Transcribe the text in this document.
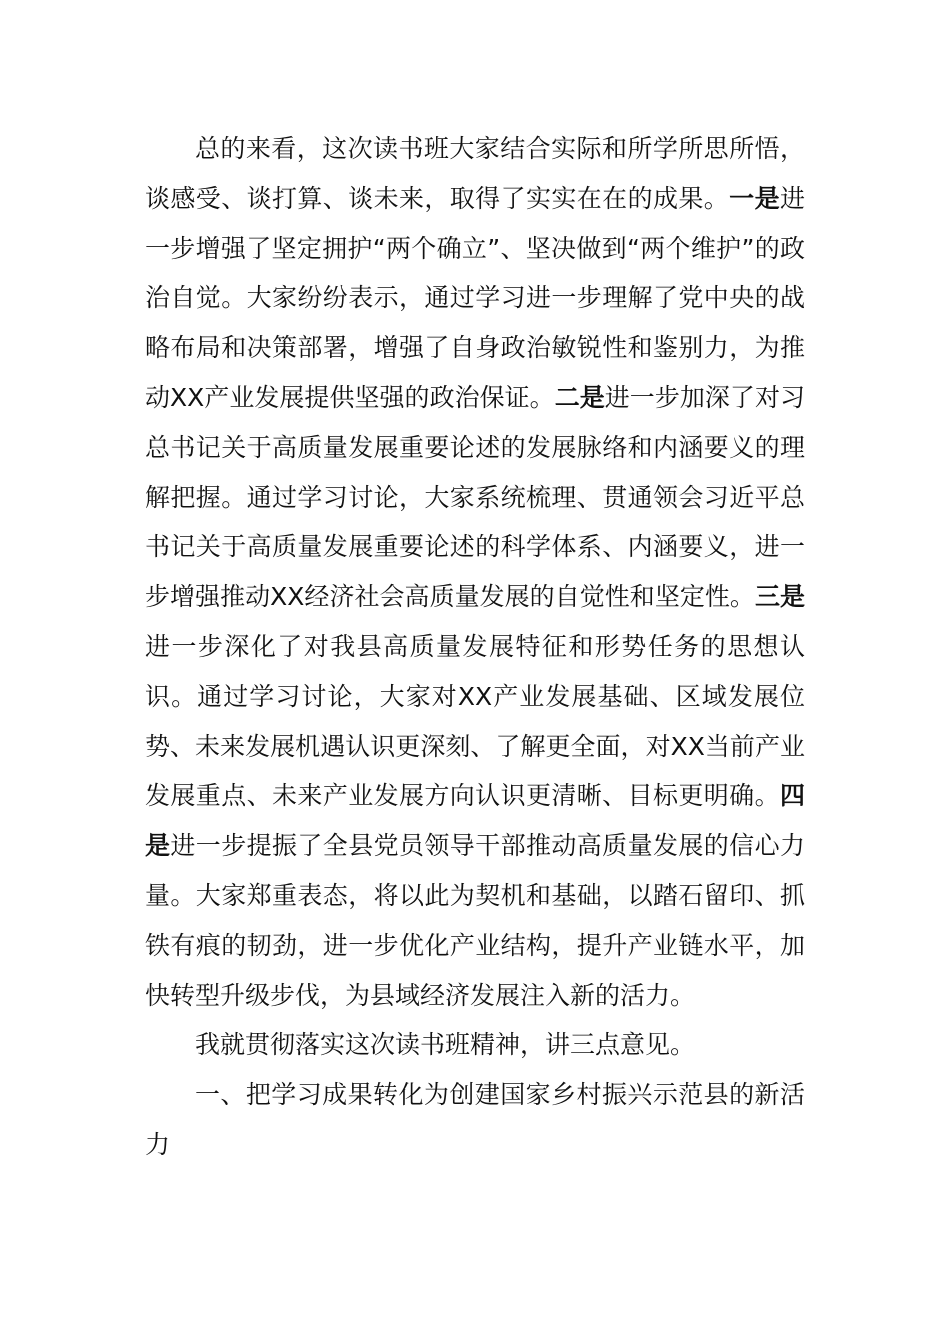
总的来看，这次读书班大家结合实际和所学所思所悟，谈感受、谈打算、谈未来，取得了实实在在的成果。一是进一步增强了坚定拥护“两个确立”、坚决做到“两个维护”的政治自觉。大家纷纷表示，通过学习进一步理解了党中央的战略布局和决策部署，增强了自身政治敏锐性和鉴别力，为推动XX产业发展提供坚强的政治保证。二是进一步加深了对习总书记关于高质量发展重要论述的发展脉络和内涵要义的理解把握。通过学习讨论，大家系统梳理、贯通领会习近平总书记关于高质量发展重要论述的科学体系、内涵要义，进一步增强推动XX经济社会高质量发展的自觉性和坚定性。三是进一步深化了对我县高质量发展特征和形势任务的思想认识。通过学习讨论，大家对XX产业发展基础、区域发展位势、未来发展机遇认识更深刻、了解更全面，对XX当前产业发展重点、未来产业发展方向认识更清晰、目标更明确。四是进一步提振了全县党员领导干部推动高质量发展的信心力量。大家郑重表态，将以此为契机和基础，以踏石留印、抓铁有痕的韧劲，进一步优化产业结构，提升产业链水平，加快转型升级步伐，为县域经济发展注入新的活力。

我就贯彻落实这次读书班精神，讲三点意见。

一、把学习成果转化为创建国家乡村振兴示范县的新活力
